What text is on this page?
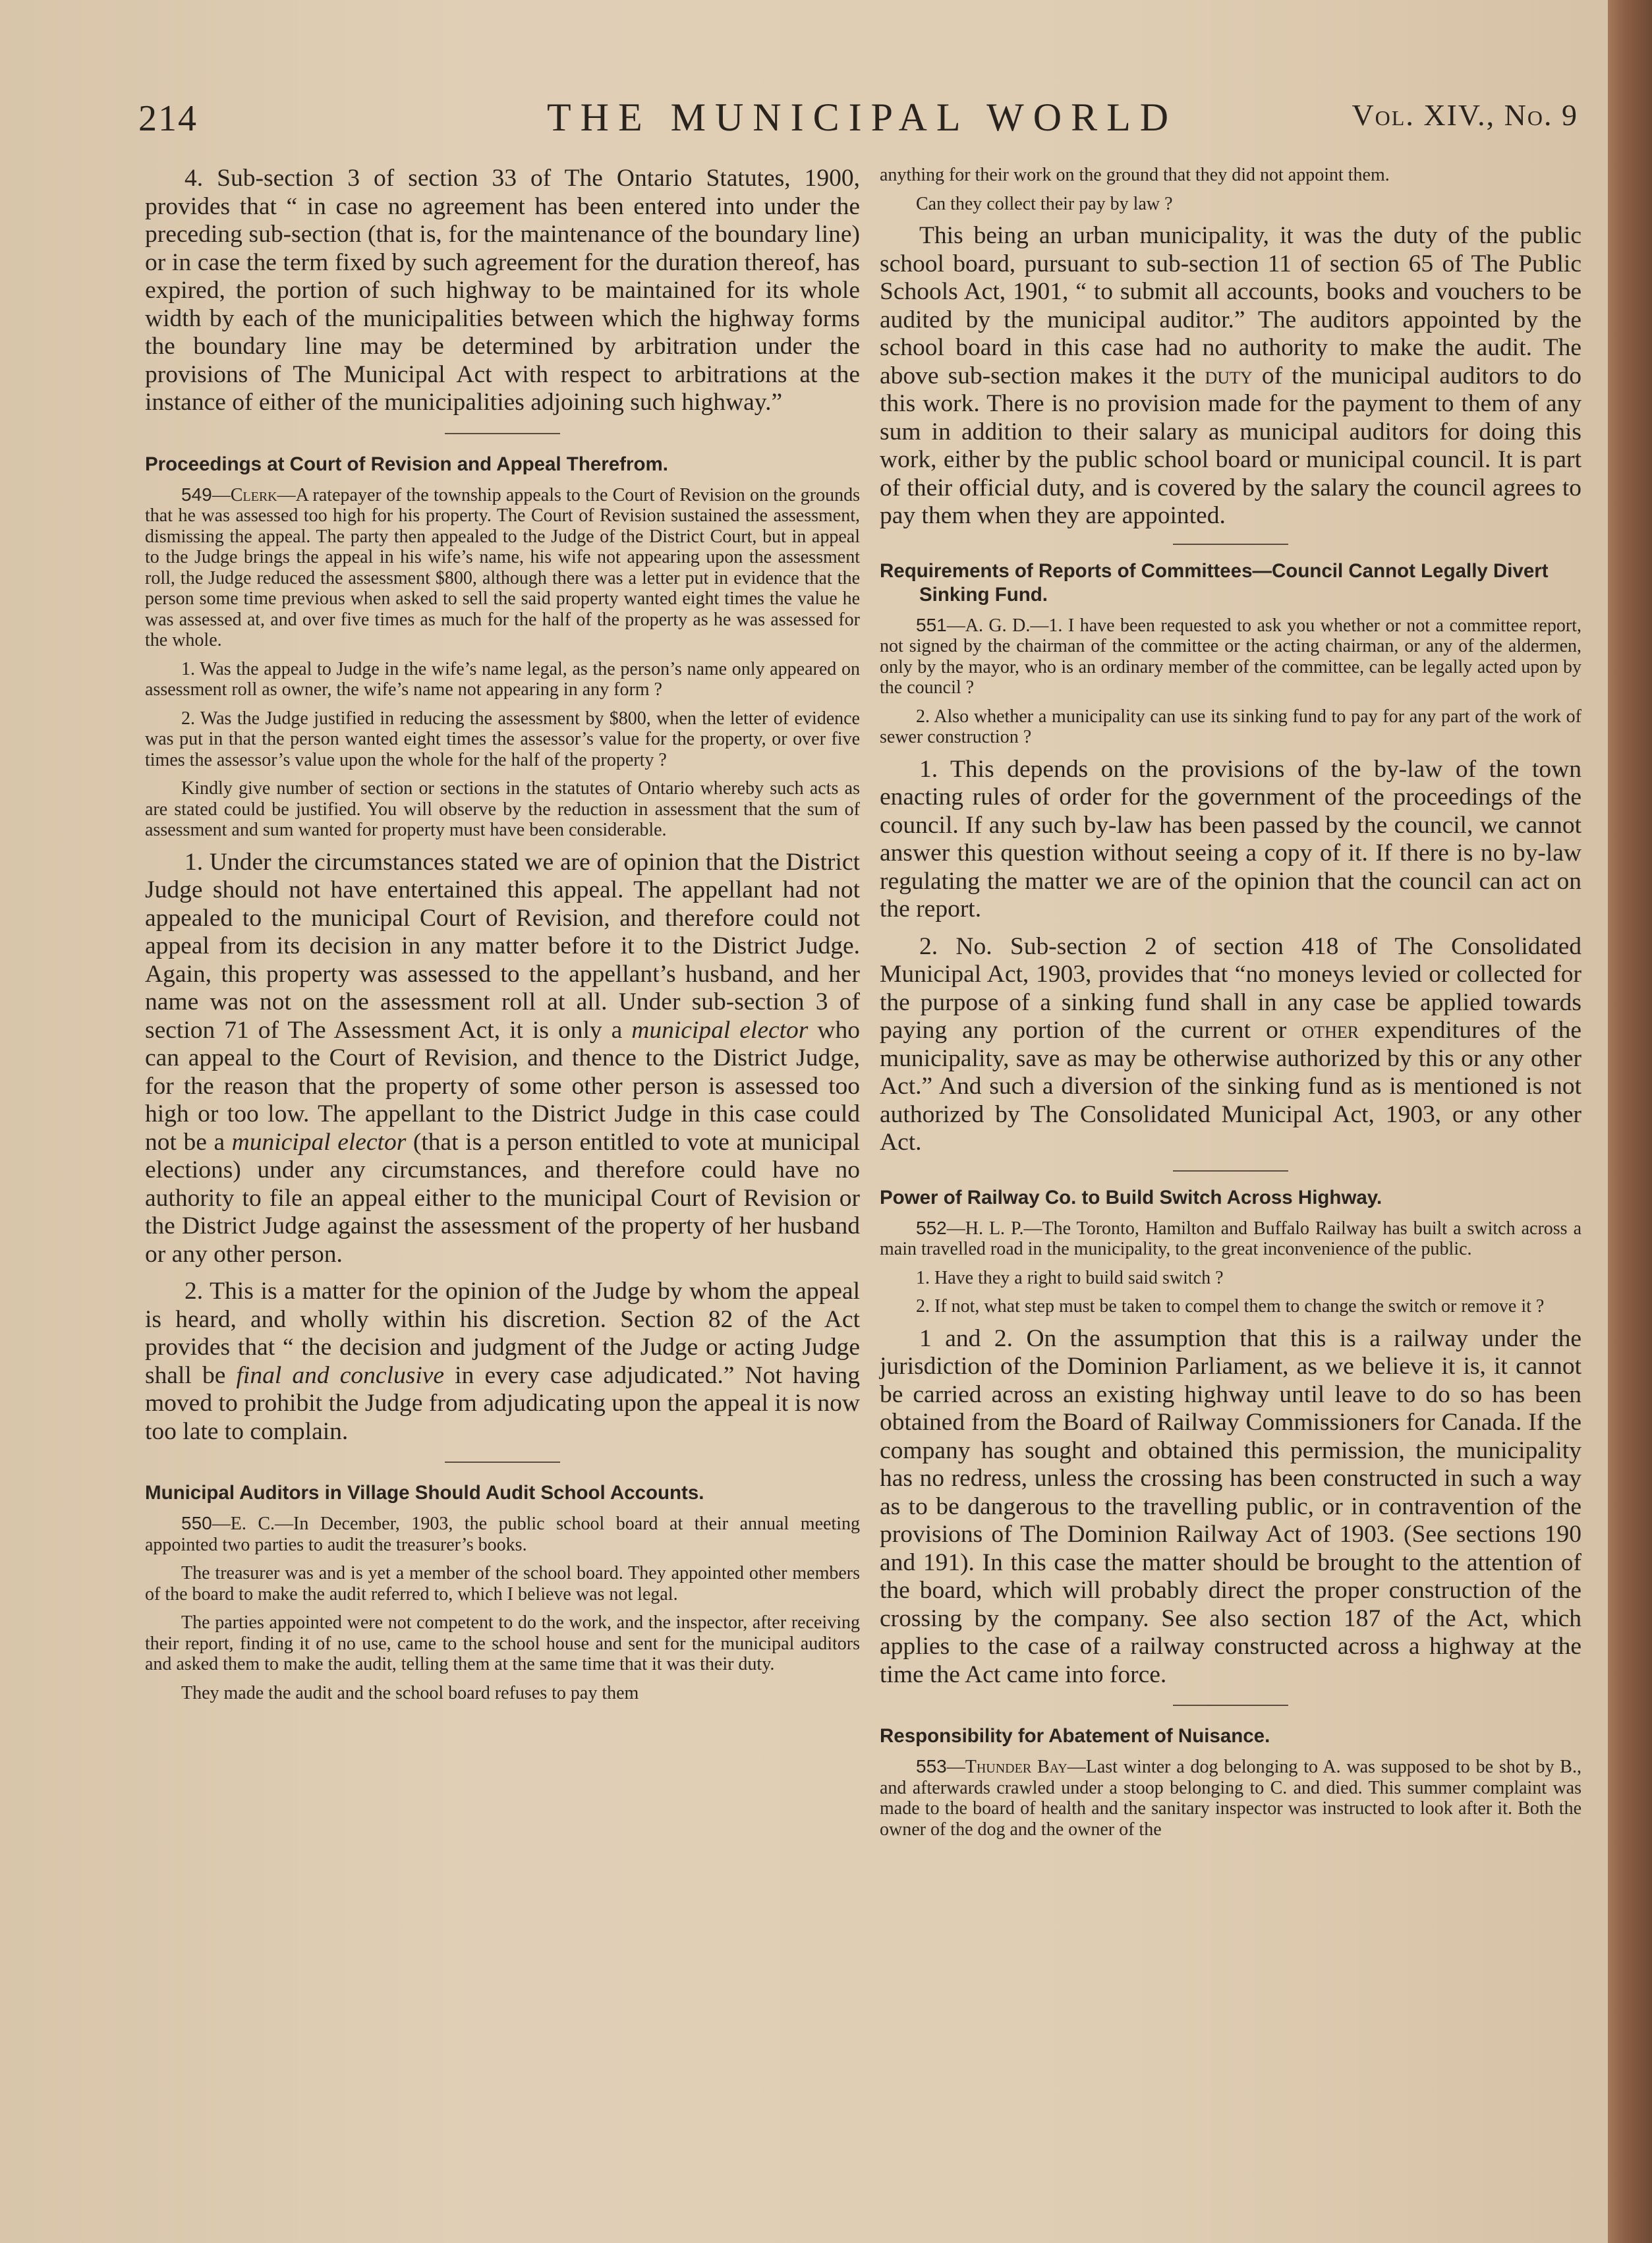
214	THE MUNICIPAL WORLD	Vol. XIV., No. 9

4. Sub-section 3 of section 33 of The Ontario Statutes, 1900, provides that “ in case no agreement has been entered into under the preceding sub-section (that is, for the maintenance of the boundary line) or in case the term fixed by such agreement for the duration thereof, has expired, the portion of such highway to be maintained for its whole width by each of the municipalities between which the highway forms the boundary line may be determined by arbitration under the provisions of The Municipal Act with respect to arbitrations at the instance of either of the municipalities adjoining such highway.”

Proceedings at Court of Revision and Appeal Therefrom.

549—Clerk—A ratepayer of the township appeals to the Court of Revision on the grounds that he was assessed too high for his property. The Court of Revision sustained the assessment, dismissing the appeal. The party then appealed to the Judge of the District Court, but in appeal to the Judge brings the appeal in his wife’s name, his wife not appearing upon the assessment roll, the Judge reduced the assessment $800, although there was a letter put in evidence that the person some time previous when asked to sell the said property wanted eight times the value he was assessed at, and over five times as much for the half of the property as he was assessed for the whole.

1. Was the appeal to Judge in the wife’s name legal, as the person’s name only appeared on assessment roll as owner, the wife’s name not appearing in any form ?

2. Was the Judge justified in reducing the assessment by $800, when the letter of evidence was put in that the person wanted eight times the assessor’s value for the property, or over five times the assessor’s value upon the whole for the half of the property ?

Kindly give number of section or sections in the statutes of Ontario whereby such acts as are stated could be justified. You will observe by the reduction in assessment that the sum of assessment and sum wanted for property must have been considerable.

1. Under the circumstances stated we are of opinion that the District Judge should not have entertained this appeal. The appellant had not appealed to the municipal Court of Revision, and therefore could not appeal from its decision in any matter before it to the District Judge. Again, this property was assessed to the appellant’s husband, and her name was not on the assessment roll at all. Under sub-section 3 of section 71 of The Assessment Act, it is only a municipal elector who can appeal to the Court of Revision, and thence to the District Judge, for the reason that the property of some other person is assessed too high or too low. The appellant to the District Judge in this case could not be a municipal elector (that is a person entitled to vote at municipal elections) under any circumstances, and therefore could have no authority to file an appeal either to the municipal Court of Revision or the District Judge against the assessment of the property of her husband or any other person.

2. This is a matter for the opinion of the Judge by whom the appeal is heard, and wholly within his discretion. Section 82 of the Act provides that “ the decision and judgment of the Judge or acting Judge shall be final and conclusive in every case adjudicated.” Not having moved to prohibit the Judge from adjudicating upon the appeal it is now too late to complain.

Municipal Auditors in Village Should Audit School Accounts.

550—E. C.—In December, 1903, the public school board at their annual meeting appointed two parties to audit the treasurer’s books.

The treasurer was and is yet a member of the school board. They appointed other members of the board to make the audit referred to, which I believe was not legal.

The parties appointed were not competent to do the work, and the inspector, after receiving their report, finding it of no use, came to the school house and sent for the municipal auditors and asked them to make the audit, telling them at the same time that it was their duty.

They made the audit and the school board refuses to pay them

anything for their work on the ground that they did not appoint them.

Can they collect their pay by law ?

This being an urban municipality, it was the duty of the public school board, pursuant to sub-section 11 of section 65 of The Public Schools Act, 1901, “ to submit all accounts, books and vouchers to be audited by the municipal auditor.” The auditors appointed by the school board in this case had no authority to make the audit. The above sub-section makes it the duty of the municipal auditors to do this work. There is no provision made for the payment to them of any sum in addition to their salary as municipal auditors for doing this work, either by the public school board or municipal council. It is part of their official duty, and is covered by the salary the council agrees to pay them when they are appointed.

Requirements of Reports of Committees—Council Cannot Legally Divert Sinking Fund.

551—A. G. D.—1. I have been requested to ask you whether or not a committee report, not signed by the chairman of the committee or the acting chairman, or any of the aldermen, only by the mayor, who is an ordinary member of the committee, can be legally acted upon by the council ?

2. Also whether a municipality can use its sinking fund to pay for any part of the work of sewer construction ?

1. This depends on the provisions of the by-law of the town enacting rules of order for the government of the proceedings of the council. If any such by-law has been passed by the council, we cannot answer this question without seeing a copy of it. If there is no by-law regulating the matter we are of the opinion that the council can act on the report.

2. No. Sub-section 2 of section 418 of The Consolidated Municipal Act, 1903, provides that “no moneys levied or collected for the purpose of a sinking fund shall in any case be applied towards paying any portion of the current or other expenditures of the municipality, save as may be otherwise authorized by this or any other Act.” And such a diversion of the sinking fund as is mentioned is not authorized by The Consolidated Municipal Act, 1903, or any other Act.

Power of Railway Co. to Build Switch Across Highway.

552—H. L. P.—The Toronto, Hamilton and Buffalo Railway has built a switch across a main travelled road in the municipality, to the great inconvenience of the public.

1. Have they a right to build said switch ?

2. If not, what step must be taken to compel them to change the switch or remove it ?

1 and 2. On the assumption that this is a railway under the jurisdiction of the Dominion Parliament, as we believe it is, it cannot be carried across an existing highway until leave to do so has been obtained from the Board of Railway Commissioners for Canada. If the company has sought and obtained this permission, the municipality has no redress, unless the crossing has been constructed in such a way as to be dangerous to the travelling public, or in contravention of the provisions of The Dominion Railway Act of 1903. (See sections 190 and 191). In this case the matter should be brought to the attention of the board, which will probably direct the proper construction of the crossing by the company. See also section 187 of the Act, which applies to the case of a railway constructed across a highway at the time the Act came into force.

Responsibility for Abatement of Nuisance.

553—Thunder Bay—Last winter a dog belonging to A. was supposed to be shot by B., and afterwards crawled under a stoop belonging to C. and died. This summer complaint was made to the board of health and the sanitary inspector was instructed to look after it. Both the owner of the dog and the owner of the
